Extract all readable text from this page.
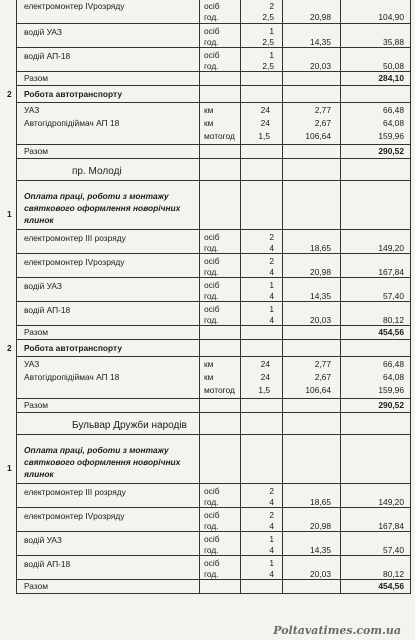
електромонтер IVрозряду	осіб	2
год.	2,5	20,98	104,90
водій УАЗ	осіб	1
год.	2,5	14,35	35,88
водій АП-18	осіб	1
год.	2,5	20,03	50,08
Разом	284,10
2 Робота автотранспорту
УАЗ	км	24	2,77	66,48
Автогідропідіймач АП 18	км	24	2,67	64,08
мотогод	1,5	106,64	159,96
Разом	290,52
пр. Молоді
1
Оплата праці, роботи з монтажу
святкового оформлення новорічних
ялинок
електромонтер ІІІ розряду	осіб	2
год.	4	18,65	149,20
електромонтер IVрозряду	осіб	2
год.	4	20,98	167,84
водій УАЗ	осіб	1
год.	4	14,35	57,40
водій АП-18	осіб	1
год.	4	20,03	80,12
Разом	454,56
2 Робота автотранспорту
УАЗ	км	24	2,77	66,48
Автогідропідіймач АП 18	км	24	2,67	64,08
мотогод	1,5	106,64	159,96
Разом	290,52
Бульвар Дружби народів
1
Оплата праці, роботи з монтажу
святкового оформлення новорічних
ялинок
електромонтер ІІІ розряду	осіб	2
год.	4	18,65	149,20
електромонтер IVрозряду	осіб	2
год.	4	20,98	167,84
водій УАЗ	осіб	1
год.	4	14,35	57,40
водій АП-18	осіб	1
год.	4	20,03	80,12
Разом	454,56
Poltavatimes.com.ua
